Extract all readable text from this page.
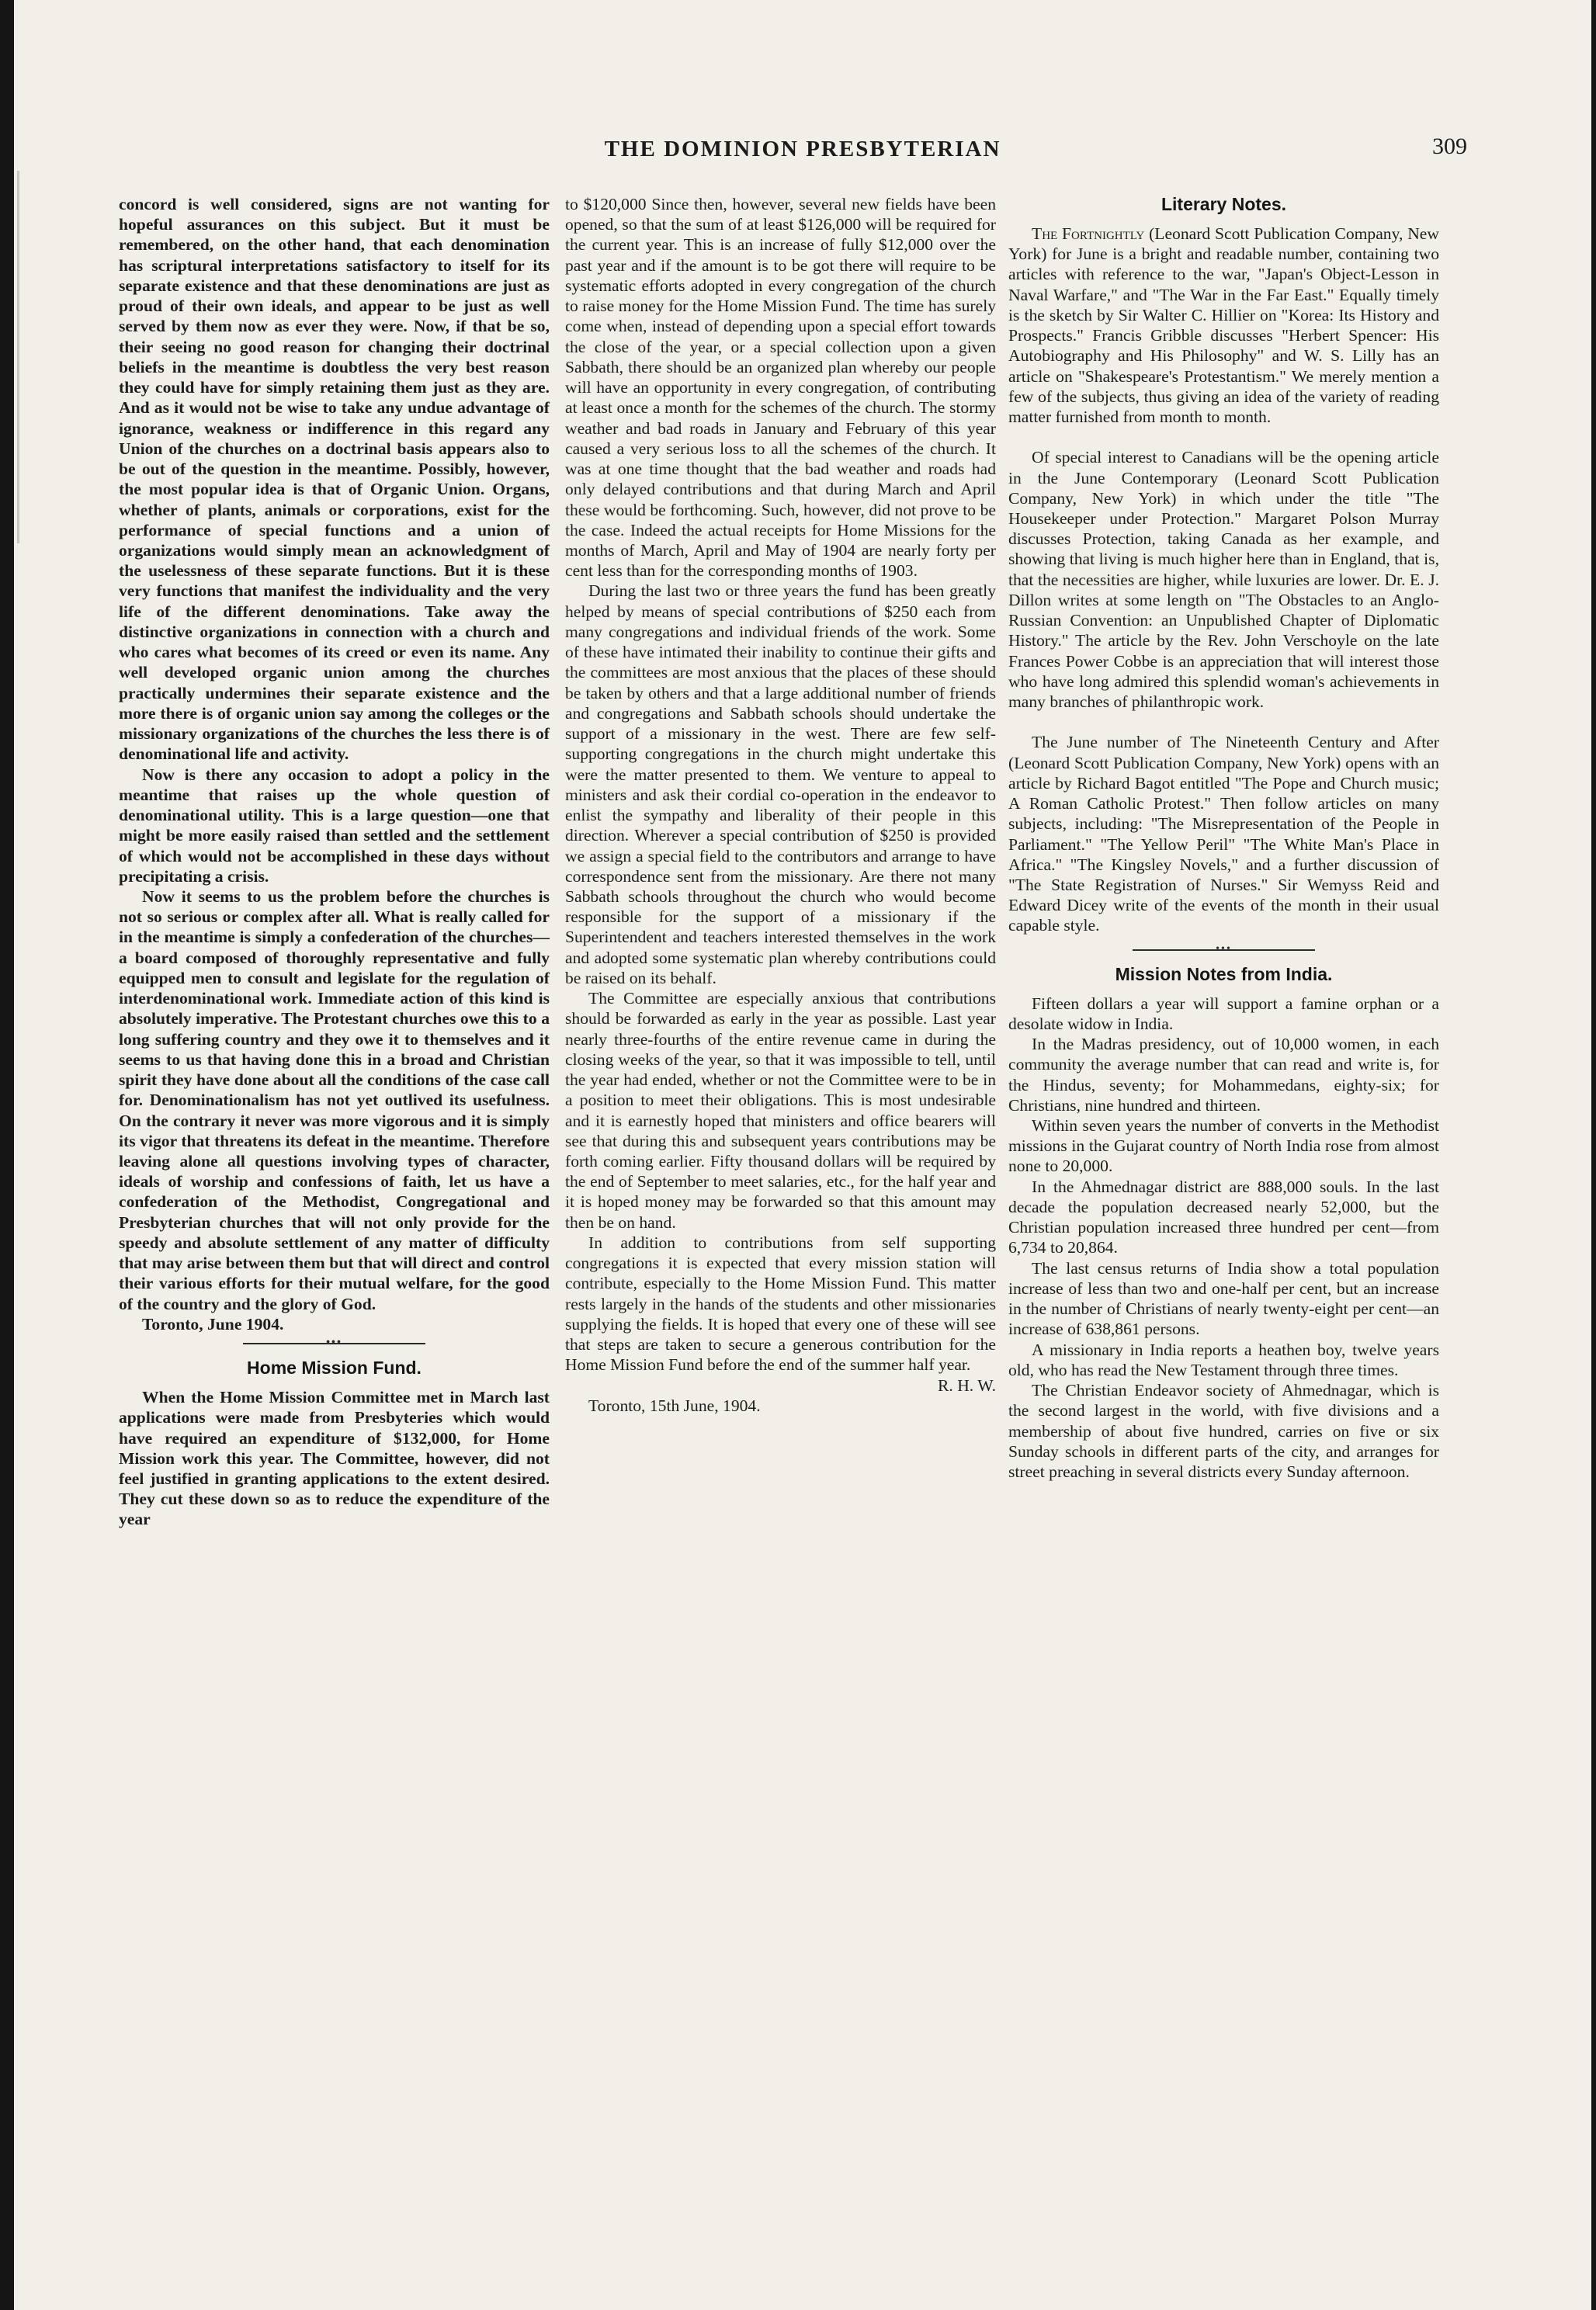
THE DOMINION PRESBYTERIAN	309

concord is well considered, signs are not wanting for hopeful assurances on this subject. But it must be remembered, on the other hand, that each denomination has scriptural interpretations satisfactory to itself for its separate existence and that these denominations are just as proud of their own ideals, and appear to be just as well served by them now as ever they were. Now, if that be so, their seeing no good reason for changing their doctrinal beliefs in the meantime is doubtless the very best reason they could have for simply retaining them just as they are. And as it would not be wise to take any undue advantage of ignorance, weakness or indifference in this regard any Union of the churches on a doctrinal basis appears also to be out of the question in the meantime. Possibly, however, the most popular idea is that of Organic Union. Organs, whether of plants, animals or corporations, exist for the performance of special functions and a union of organizations would simply mean an acknowledgment of the uselessness of these separate functions. But it is these very functions that manifest the individuality and the very life of the different denominations. Take away the distinctive organizations in connection with a church and who cares what becomes of its creed or even its name. Any well developed organic union among the churches practically undermines their separate existence and the more there is of organic union say among the colleges or the missionary organizations of the churches the less there is of denominational life and activity.

Now is there any occasion to adopt a policy in the meantime that raises up the whole question of denominational utility. This is a large question—one that might be more easily raised than settled and the settlement of which would not be accomplished in these days without precipitating a crisis.

Now it seems to us the problem before the churches is not so serious or complex after all. What is really called for in the meantime is simply a confederation of the churches—a board composed of thoroughly representative and fully equipped men to consult and legislate for the regulation of interdenominational work. Immediate action of this kind is absolutely imperative. The Protestant churches owe this to a long suffering country and they owe it to themselves and it seems to us that having done this in a broad and Christian spirit they have done about all the conditions of the case call for. Denominationalism has not yet outlived its usefulness. On the contrary it never was more vigorous and it is simply its vigor that threatens its defeat in the meantime. Therefore leaving alone all questions involving types of character, ideals of worship and confessions of faith, let us have a confederation of the Methodist, Congregational and Presbyterian churches that will not only provide for the speedy and absolute settlement of any matter of difficulty that may arise between them but that will direct and control their various efforts for their mutual welfare, for the good of the country and the glory of God.

Toronto, June 1904.

•••
Home Mission Fund.

When the Home Mission Committee met in March last applications were made from Presbyteries which would have required an expenditure of $132,000, for Home Mission work this year. The Committee, however, did not feel justified in granting applications to the extent desired. They cut these down so as to reduce the expenditure of the year

to $120,000 Since then, however, several new fields have been opened, so that the sum of at least $126,000 will be required for the current year. This is an increase of fully $12,000 over the past year and if the amount is to be got there will require to be systematic efforts adopted in every congregation of the church to raise money for the Home Mission Fund. The time has surely come when, instead of depending upon a special effort towards the close of the year, or a special collection upon a given Sabbath, there should be an organized plan whereby our people will have an opportunity in every congregation, of contributing at least once a month for the schemes of the church. The stormy weather and bad roads in January and February of this year caused a very serious loss to all the schemes of the church. It was at one time thought that the bad weather and roads had only delayed contributions and that during March and April these would be forthcoming. Such, however, did not prove to be the case. Indeed the actual receipts for Home Missions for the months of March, April and May of 1904 are nearly forty per cent less than for the corresponding months of 1903.

During the last two or three years the fund has been greatly helped by means of special contributions of $250 each from many congregations and individual friends of the work. Some of these have intimated their inability to continue their gifts and the committees are most anxious that the places of these should be taken by others and that a large additional number of friends and congregations and Sabbath schools should undertake the support of a missionary in the west. There are few self-supporting congregations in the church might undertake this were the matter presented to them. We venture to appeal to ministers and ask their cordial co-operation in the endeavor to enlist the sympathy and liberality of their people in this direction. Wherever a special contribution of $250 is provided we assign a special field to the contributors and arrange to have correspondence sent from the missionary. Are there not many Sabbath schools throughout the church who would become responsible for the support of a missionary if the Superintendent and teachers interested themselves in the work and adopted some systematic plan whereby contributions could be raised on its behalf.

The Committee are especially anxious that contributions should be forwarded as early in the year as possible. Last year nearly three-fourths of the entire revenue came in during the closing weeks of the year, so that it was impossible to tell, until the year had ended, whether or not the Committee were to be in a position to meet their obligations. This is most undesirable and it is earnestly hoped that ministers and office bearers will see that during this and subsequent years contributions may be forth coming earlier. Fifty thousand dollars will be required by the end of September to meet salaries, etc., for the half year and it is hoped money may be forwarded so that this amount may then be on hand.

In addition to contributions from self supporting congregations it is expected that every mission station will contribute, especially to the Home Mission Fund. This matter rests largely in the hands of the students and other missionaries supplying the fields. It is hoped that every one of these will see that steps are taken to secure a generous contribution for the Home Mission Fund before the end of the summer half year.

R. H. W.

Toronto, 15th June, 1904.

Literary Notes.

The Fortnightly (Leonard Scott Publication Company, New York) for June is a bright and readable number, containing two articles with reference to the war, "Japan's Object-Lesson in Naval Warfare," and "The War in the Far East." Equally timely is the sketch by Sir Walter C. Hillier on "Korea: Its History and Prospects." Francis Gribble discusses "Herbert Spencer: His Autobiography and His Philosophy" and W. S. Lilly has an article on "Shakespeare's Protestantism." We merely mention a few of the subjects, thus giving an idea of the variety of reading matter furnished from month to month.

Of special interest to Canadians will be the opening article in the June Contemporary (Leonard Scott Publication Company, New York) in which under the title "The Housekeeper under Protection." Margaret Polson Murray discusses Protection, taking Canada as her example, and showing that living is much higher here than in England, that is, that the necessities are higher, while luxuries are lower. Dr. E. J. Dillon writes at some length on "The Obstacles to an Anglo-Russian Convention: an Unpublished Chapter of Diplomatic History." The article by the Rev. John Verschoyle on the late Frances Power Cobbe is an appreciation that will interest those who have long admired this splendid woman's achievements in many branches of philanthropic work.

The June number of The Nineteenth Century and After (Leonard Scott Publication Company, New York) opens with an article by Richard Bagot entitled "The Pope and Church music; A Roman Catholic Protest." Then follow articles on many subjects, including: "The Misrepresentation of the People in Parliament." "The Yellow Peril" "The White Man's Place in Africa." "The Kingsley Novels," and a further discussion of "The State Registration of Nurses." Sir Wemyss Reid and Edward Dicey write of the events of the month in their usual capable style.

•••
Mission Notes from India.

Fifteen dollars a year will support a famine orphan or a desolate widow in India.

In the Madras presidency, out of 10,000 women, in each community the average number that can read and write is, for the Hindus, seventy; for Mohammedans, eighty-six; for Christians, nine hundred and thirteen.

Within seven years the number of converts in the Methodist missions in the Gujarat country of North India rose from almost none to 20,000.

In the Ahmednagar district are 888,000 souls. In the last decade the population decreased nearly 52,000, but the Christian population increased three hundred per cent—from 6,734 to 20,864.

The last census returns of India show a total population increase of less than two and one-half per cent, but an increase in the number of Christians of nearly twenty-eight per cent—an increase of 638,861 persons.

A missionary in India reports a heathen boy, twelve years old, who has read the New Testament through three times.

The Christian Endeavor society of Ahmednagar, which is the second largest in the world, with five divisions and a membership of about five hundred, carries on five or six Sunday schools in different parts of the city, and arranges for street preaching in several districts every Sunday afternoon.
